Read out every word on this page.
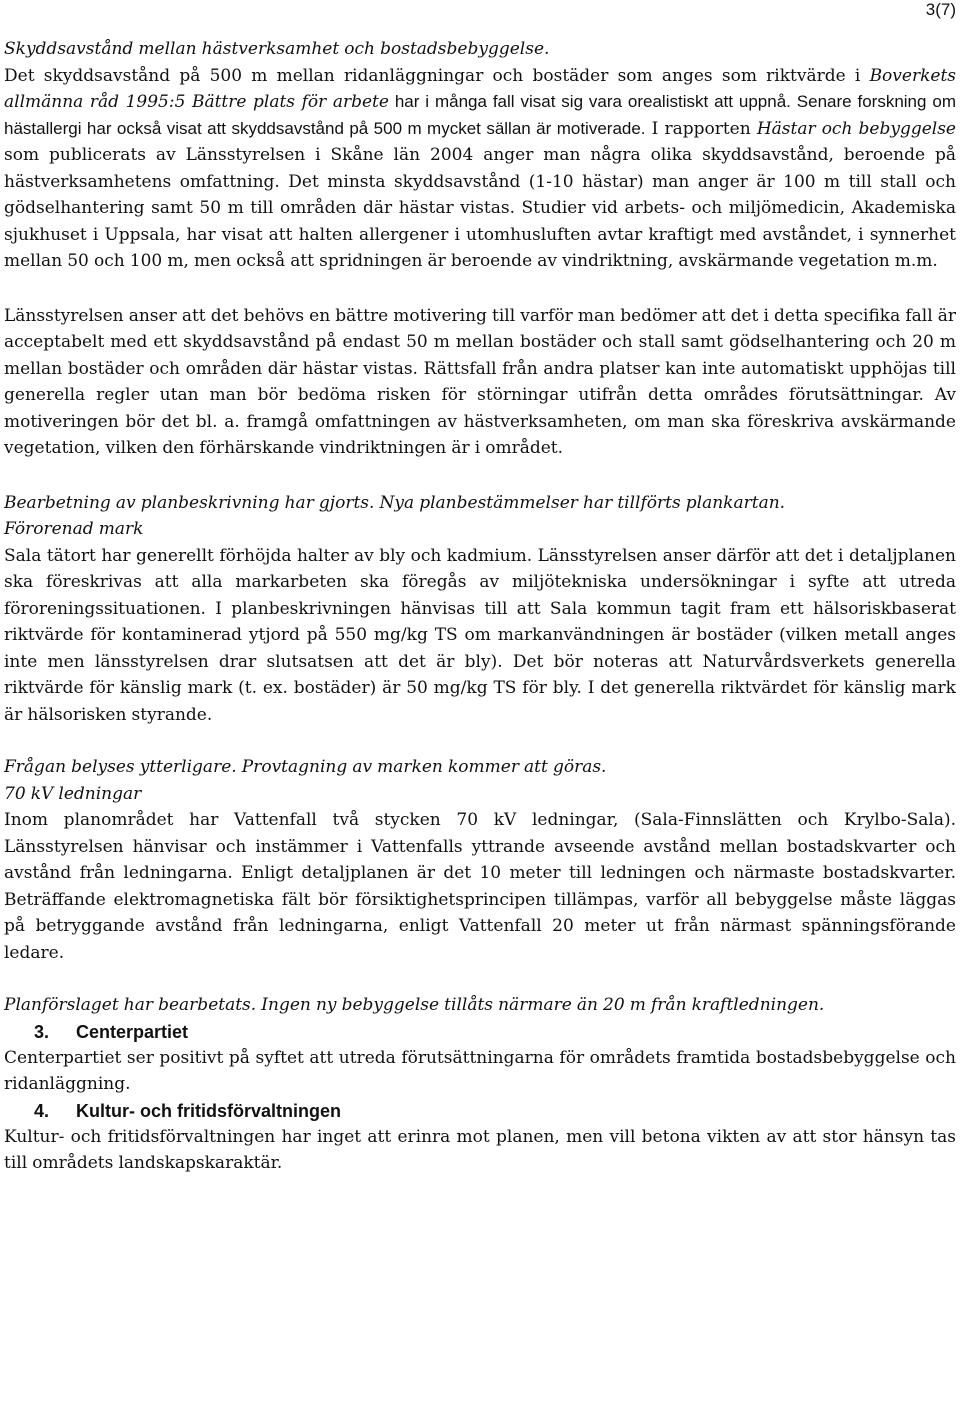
3(7)

Skyddsavstånd mellan hästverksamhet och bostadsbebyggelse.

Det skyddsavstånd på 500 m mellan ridanläggningar och bostäder som anges som riktvärde i Boverkets allmänna råd 1995:5 Bättre plats för arbete har i många fall visat sig vara orealistiskt att uppnå. Senare forskning om hästallergi har också visat att skyddsavstånd på 500 m mycket sällan är motiverade. I rapporten Hästar och bebyggelse som publicerats av Länsstyrelsen i Skåne län 2004 anger man några olika skyddsavstånd, beroende på hästverksamhetens omfattning. Det minsta skyddsavstånd (1-10 hästar) man anger är 100 m till stall och gödselhantering samt 50 m till områden där hästar vistas. Studier vid arbets- och miljömedicin, Akademiska sjukhuset i Uppsala, har visat att halten allergener i utomhusluften avtar kraftigt med avståndet, i synnerhet mellan 50 och 100 m, men också att spridningen är beroende av vindriktning, avskärmande vegetation m.m.

Länsstyrelsen anser att det behövs en bättre motivering till varför man bedömer att det i detta specifika fall är acceptabelt med ett skyddsavstånd på endast 50 m mellan bostäder och stall samt gödselhantering och 20 m mellan bostäder och områden där hästar vistas. Rättsfall från andra platser kan inte automatiskt upphöjas till generella regler utan man bör bedöma risken för störningar utifrån detta områdes förutsättningar. Av motiveringen bör det bl. a. framgå omfattningen av hästverksamheten, om man ska föreskriva avskärmande vegetation, vilken den förhärskande vindriktningen är i området.

Bearbetning av planbeskrivning har gjorts. Nya planbestämmelser har tillförts plankartan.

Förorenad mark

Sala tätort har generellt förhöjda halter av bly och kadmium. Länsstyrelsen anser därför att det i detaljplanen ska föreskrivas att alla markarbeten ska föregås av miljötekniska undersökningar i syfte att utreda föroreningssituationen. I planbeskrivningen hänvisas till att Sala kommun tagit fram ett hälsoriskbaserat riktvärde för kontaminerad ytjord på 550 mg/kg TS om markanvändningen är bostäder (vilken metall anges inte men länsstyrelsen drar slutsatsen att det är bly). Det bör noteras att Naturvårdsverkets generella riktvärde för känslig mark (t. ex. bostäder) är 50 mg/kg TS för bly. I det generella riktvärdet för känslig mark är hälsorisken styrande.

Frågan belyses ytterligare. Provtagning av marken kommer att göras.

70 kV ledningar

Inom planområdet har Vattenfall två stycken 70 kV ledningar, (Sala-Finnslätten och Krylbo-Sala). Länsstyrelsen hänvisar och instämmer i Vattenfalls yttrande avseende avstånd mellan bostadskvarter och avstånd från ledningarna. Enligt detaljplanen är det 10 meter till ledningen och närmaste bostadskvarter. Beträffande elektromagnetiska fält bör försiktighetsprincipen tillämpas, varför all bebyggelse måste läggas på betryggande avstånd från ledningarna, enligt Vattenfall 20 meter ut från närmast spänningsförande ledare.

Planförslaget har bearbetats. Ingen ny bebyggelse tillåts närmare än 20 m från kraftledningen.

3.	Centerpartiet

Centerpartiet ser positivt på syftet att utreda förutsättningarna för områdets framtida bostadsbebyggelse och ridanläggning.

4.	Kultur- och fritidsförvaltningen

Kultur- och fritidsförvaltningen har inget att erinra mot planen, men vill betona vikten av att stor hänsyn tas till områdets landskapskaraktär.
